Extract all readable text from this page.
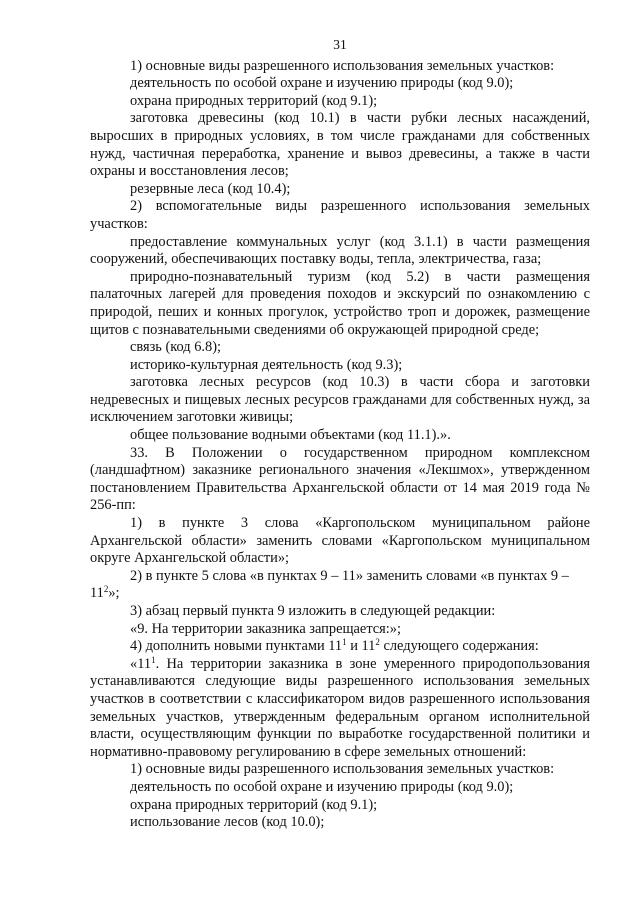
31

1) основные виды разрешенного использования земельных участков:

деятельность по особой охране и изучению природы (код 9.0);

охрана природных территорий (код 9.1);

заготовка древесины (код 10.1) в части рубки лесных насаждений, выросших в природных условиях, в том числе гражданами для собственных нужд, частичная переработка, хранение и вывоз древесины, а также в части охраны и восстановления лесов;

резервные леса (код 10.4);

2) вспомогательные виды разрешенного использования земельных участков:

предоставление коммунальных услуг (код 3.1.1) в части размещения сооружений, обеспечивающих поставку воды, тепла, электричества, газа;

природно-познавательный туризм (код 5.2) в части размещения палаточных лагерей для проведения походов и экскурсий по ознакомлению с природой, пеших и конных прогулок, устройство троп и дорожек, размещение щитов с познавательными сведениями об окружающей природной среде;

связь (код 6.8);

историко-культурная деятельность (код 9.3);

заготовка лесных ресурсов (код 10.3) в части сбора и заготовки недревесных и пищевых лесных ресурсов гражданами для собственных нужд, за исключением заготовки живицы;

общее пользование водными объектами (код 11.1).».

33. В Положении о государственном природном комплексном (ландшафтном) заказнике регионального значения «Лекшмох», утвержденном постановлением Правительства Архангельской области от 14 мая 2019 года № 256-пп:

1) в пункте 3 слова «Каргопольском муниципальном районе Архангельской области» заменить словами «Каргопольском муниципальном округе Архангельской области»;

2) в пункте 5 слова «в пунктах 9 – 11» заменить словами «в пунктах $9 - 11^2$»;

3) абзац первый пункта 9 изложить в следующей редакции:

«9. На территории заказника запрещается:»;

4) дополнить новыми пунктами $11^1$ и $11^2$ следующего содержания:

«$11^1$. На территории заказника в зоне умеренного природопользования устанавливаются следующие виды разрешенного использования земельных участков в соответствии с классификатором видов разрешенного использования земельных участков, утвержденным федеральным органом исполнительной власти, осуществляющим функции по выработке государственной политики и нормативно-правовому регулированию в сфере земельных отношений:

1) основные виды разрешенного использования земельных участков:

деятельность по особой охране и изучению природы (код 9.0);

охрана природных территорий (код 9.1);

использование лесов (код 10.0);
